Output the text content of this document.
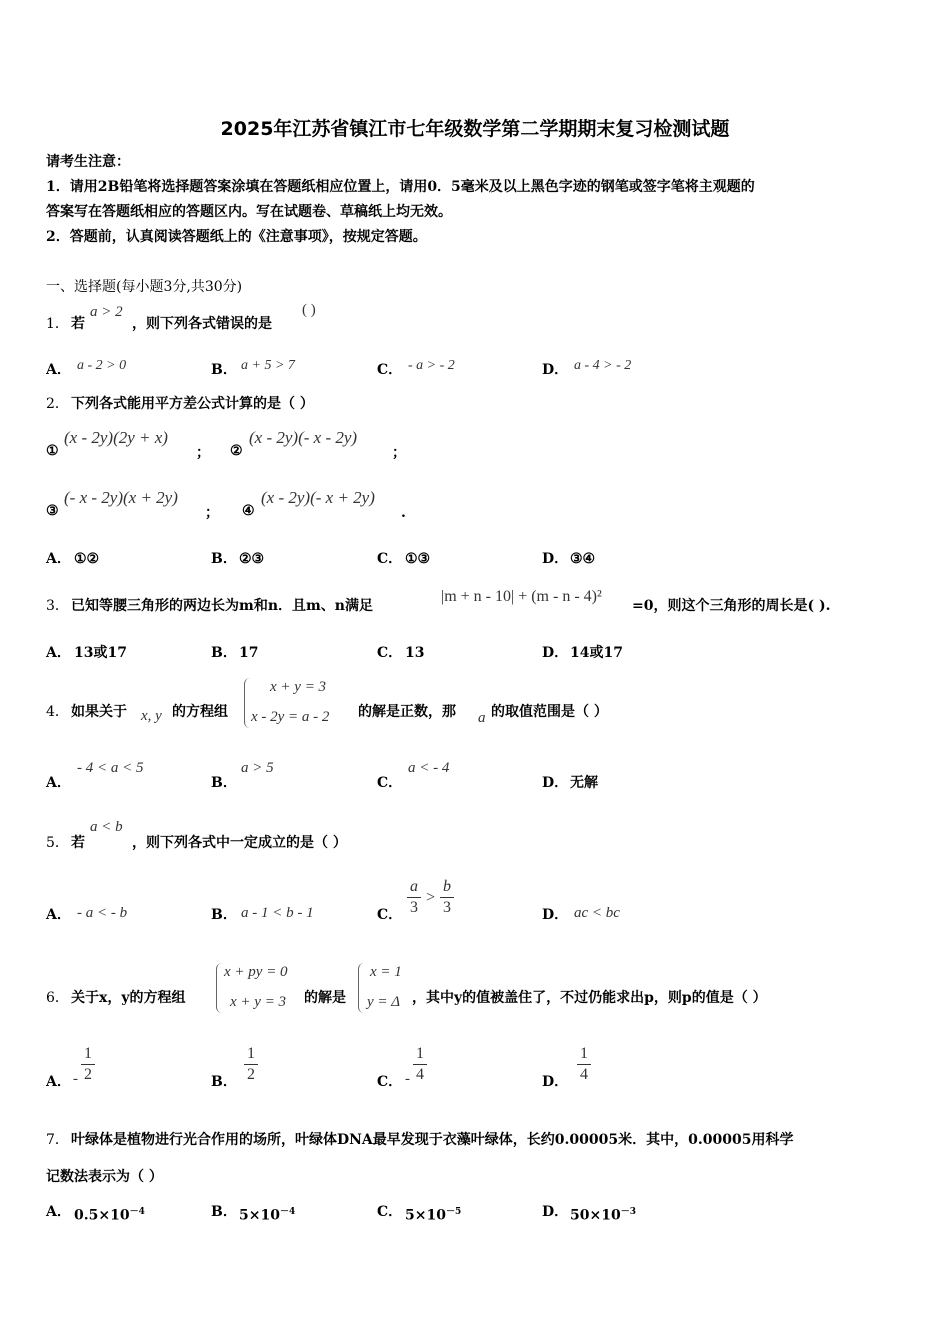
2025年江苏省镇江市七年级数学第二学期期末复习检测试题
请考生注意：
1．请用2B铅笔将选择题答案涂填在答题纸相应位置上，请用0．5毫米及以上黑色字迹的钢笔或签字笔将主观题的
答案写在答题纸相应的答题区内。写在试题卷、草稿纸上均无效。
2．答题前，认真阅读答题纸上的《注意事项》，按规定答题。
一、选择题(每小题3分,共30分)
1． 若
a > 2
，则下列各式错误的是
( )
A． a - 2 > 0	B． a + 5 > 7	C． - a > - 2	D． a - 4 > - 2
2． 下列各式能用平方差公式计算的是（ ）
①
(x - 2y)(2y + x)
； ②
(x - 2y)(- x - 2y)
；
③
(- x - 2y)(x + 2y)
； ④
(x - 2y)(- x + 2y)
.
A． ①②	B． ②③	C． ①③	D． ③④
3． 已知等腰三角形的两边长为m和n．且m、n满足
|m + n - 10| + (m - n - 4)²
=0，则这个三角形的周长是( ).
A． 13或17	B． 17	C． 13	D． 14或17
4． 如果关于 x, y 的方程组
x + y = 3
x - 2y = a - 2 的解是正数，那 a 的取值范围是（ ）
A．
- 4 < a < 5
B．
a > 5
C．
a < - 4
D． 无解
5． 若
a < b
，则下列各式中一定成立的是（ ）
A． - a < - b	B． a - 1 < b - 1	C．
a
3
>
b
3	D． ac < bc
6． 关于x，y的方程组
x + py = 0
x + y = 3 的解是
x = 1
y = Δ ，其中y的值被盖住了，不过仍能求出p，则p的值是（ ）
A． -
1
2	B．
1
2	C． -
1
4	D．
1
4
7． 叶绿体是植物进行光合作用的场所，叶绿体DNA最早发现于衣藻叶绿体，长约0.00005米．其中，0.00005用科学
记数法表示为（ ）
A． $0.5\times 10^{-4}$	B． $5\times 10^{-4}$	C． $5\times 10^{-5}$	D． $50\times 10^{-3}$
